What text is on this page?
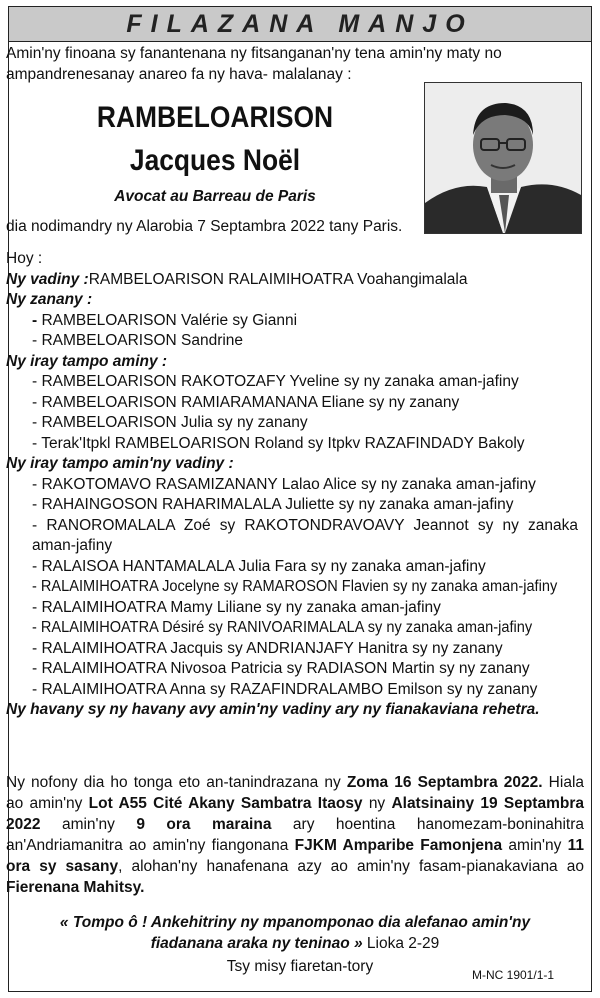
FILAZANA MANJO
Amin'ny finoana sy fanantenana ny fitsanganan'ny tena amin'ny maty no ampandrenesanay anareo fa ny hava- malalanay :
RAMBELOARISON
Jacques Noël
Avocat au Barreau de Paris
dia nodimandry ny Alarobia 7 Septambra 2022 tany Paris.
Hoy :
Ny vadiny :RAMBELOARISON RALAIMIHOATRA Voahangimalala
Ny zanany :
- RAMBELOARISON Valérie sy Gianni
- RAMBELOARISON Sandrine
Ny iray tampo aminy :
- RAMBELOARISON RAKOTOZAFY Yveline sy ny zanaka aman-jafiny
- RAMBELOARISON RAMIARAMANANA Eliane sy ny zanany
- RAMBELOARISON Julia sy ny zanany
- Terak'Itpkl RAMBELOARISON Roland sy Itpkv RAZAFINDADY Bakoly
Ny iray tampo amin'ny vadiny :
- RAKOTOMAVO RASAMIZANANY Lalao Alice sy ny zanaka aman-jafiny
- RAHAINGOSON RAHARIMALALA Juliette sy ny zanaka aman-jafiny
- RANOROMALALA Zoé sy RAKOTONDRAVOAVY Jeannot sy ny zanaka aman-jafiny
- RALAISOA HANTAMALALA Julia Fara sy ny zanaka aman-jafiny
- RALAIMIHOATRA Jocelyne sy RAMAROSON Flavien sy ny zanaka aman-jafiny
- RALAIMIHOATRA Mamy Liliane sy ny zanaka aman-jafiny
- RALAIMIHOATRA Désiré sy RANIVOARIMALALA sy ny zanaka aman-jafiny
- RALAIMIHOATRA Jacquis sy ANDRIANJAFY Hanitra sy ny zanany
- RALAIMIHOATRA Nivosoa Patricia sy RADIASON Martin sy ny zanany
- RALAIMIHOATRA Anna sy RAZAFINDRALAMBO Emilson sy ny zanany
Ny havany sy ny havany avy amin'ny vadiny ary ny fianakaviana rehetra.
Ny nofony dia ho tonga eto an-tanindrazana ny Zoma 16 Septambra 2022. Hiala ao amin'ny Lot A55 Cité Akany Sambatra Itaosy ny Alatsinainy 19 Septambra 2022 amin'ny 9 ora maraina ary hoentina hanomezam-boninahitra an'Andriamanitra ao amin'ny fiangonana FJKM Amparibe Famonjena amin'ny 11 ora sy sasany, alohan'ny hanafenana azy ao amin'ny fasam-pianakaviana ao Fierenana Mahitsy.
« Tompo ô ! Ankehitriny ny mpanomponao dia alefanao amin'ny fiadanana araka ny teninao » Lioka 2-29
Tsy misy fiaretan-tory	M-NC 1901/1-1
